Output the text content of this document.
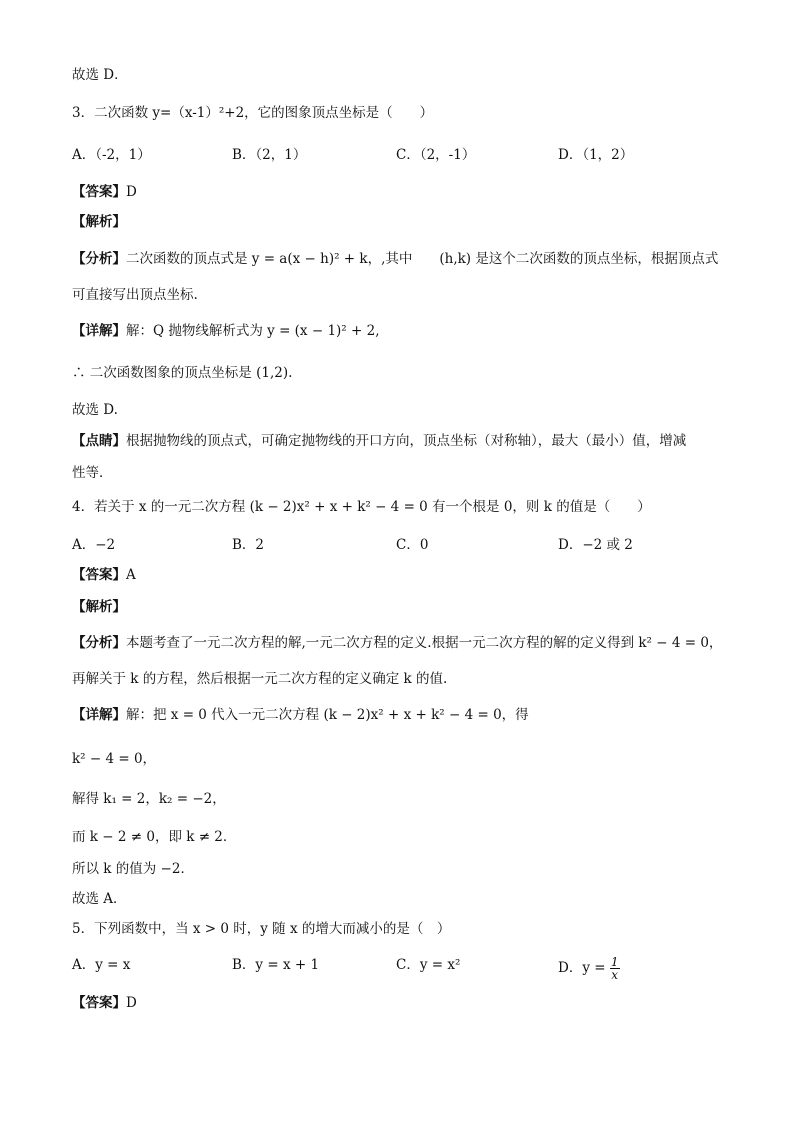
故选 D．
3．二次函数 y=（x-1）²+2，它的图象顶点坐标是（　　）
【答案】D
【解析】
【分析】二次函数的顶点式是 y = a(x − h)² + k，,其中　　(h,k) 是这个二次函数的顶点坐标，根据顶点式
可直接写出顶点坐标.
【详解】解：Q 抛物线解析式为 y = (x − 1)² + 2,
∴ 二次函数图象的顶点坐标是 (1,2).
故选 D.
【点睛】根据抛物线的顶点式，可确定抛物线的开口方向，顶点坐标（对称轴），最大（最小）值，增减
性等．
4．若关于 x 的一元二次方程 (k − 2)x² + x + k² − 4 = 0 有一个根是 0，则 k 的值是（　　）
【答案】A
【解析】
【分析】本题考查了一元二次方程的解,一元二次方程的定义.根据一元二次方程的解的定义得到 k² − 4 = 0，
再解关于 k 的方程，然后根据一元二次方程的定义确定 k 的值.
【详解】解：把 x = 0 代入一元二次方程 (k − 2)x² + x + k² − 4 = 0，得
k² − 4 = 0，
解得 k₁ = 2，k₂ = −2，
而 k − 2 ≠ 0，即 k ≠ 2．
所以 k 的值为 −2．
故选 A．
5．下列函数中，当 x > 0 时，y 随 x 的增大而减小的是（　）
【答案】D
A．（-2，1）	B．（2，1）	C．（2，-1）	D．（1，2）
A．−2	B．2	C．0	D．−2 或 2
A．y = x	B．y = x + 1	C．y = x²	D．$y = \frac{1}{x}$
